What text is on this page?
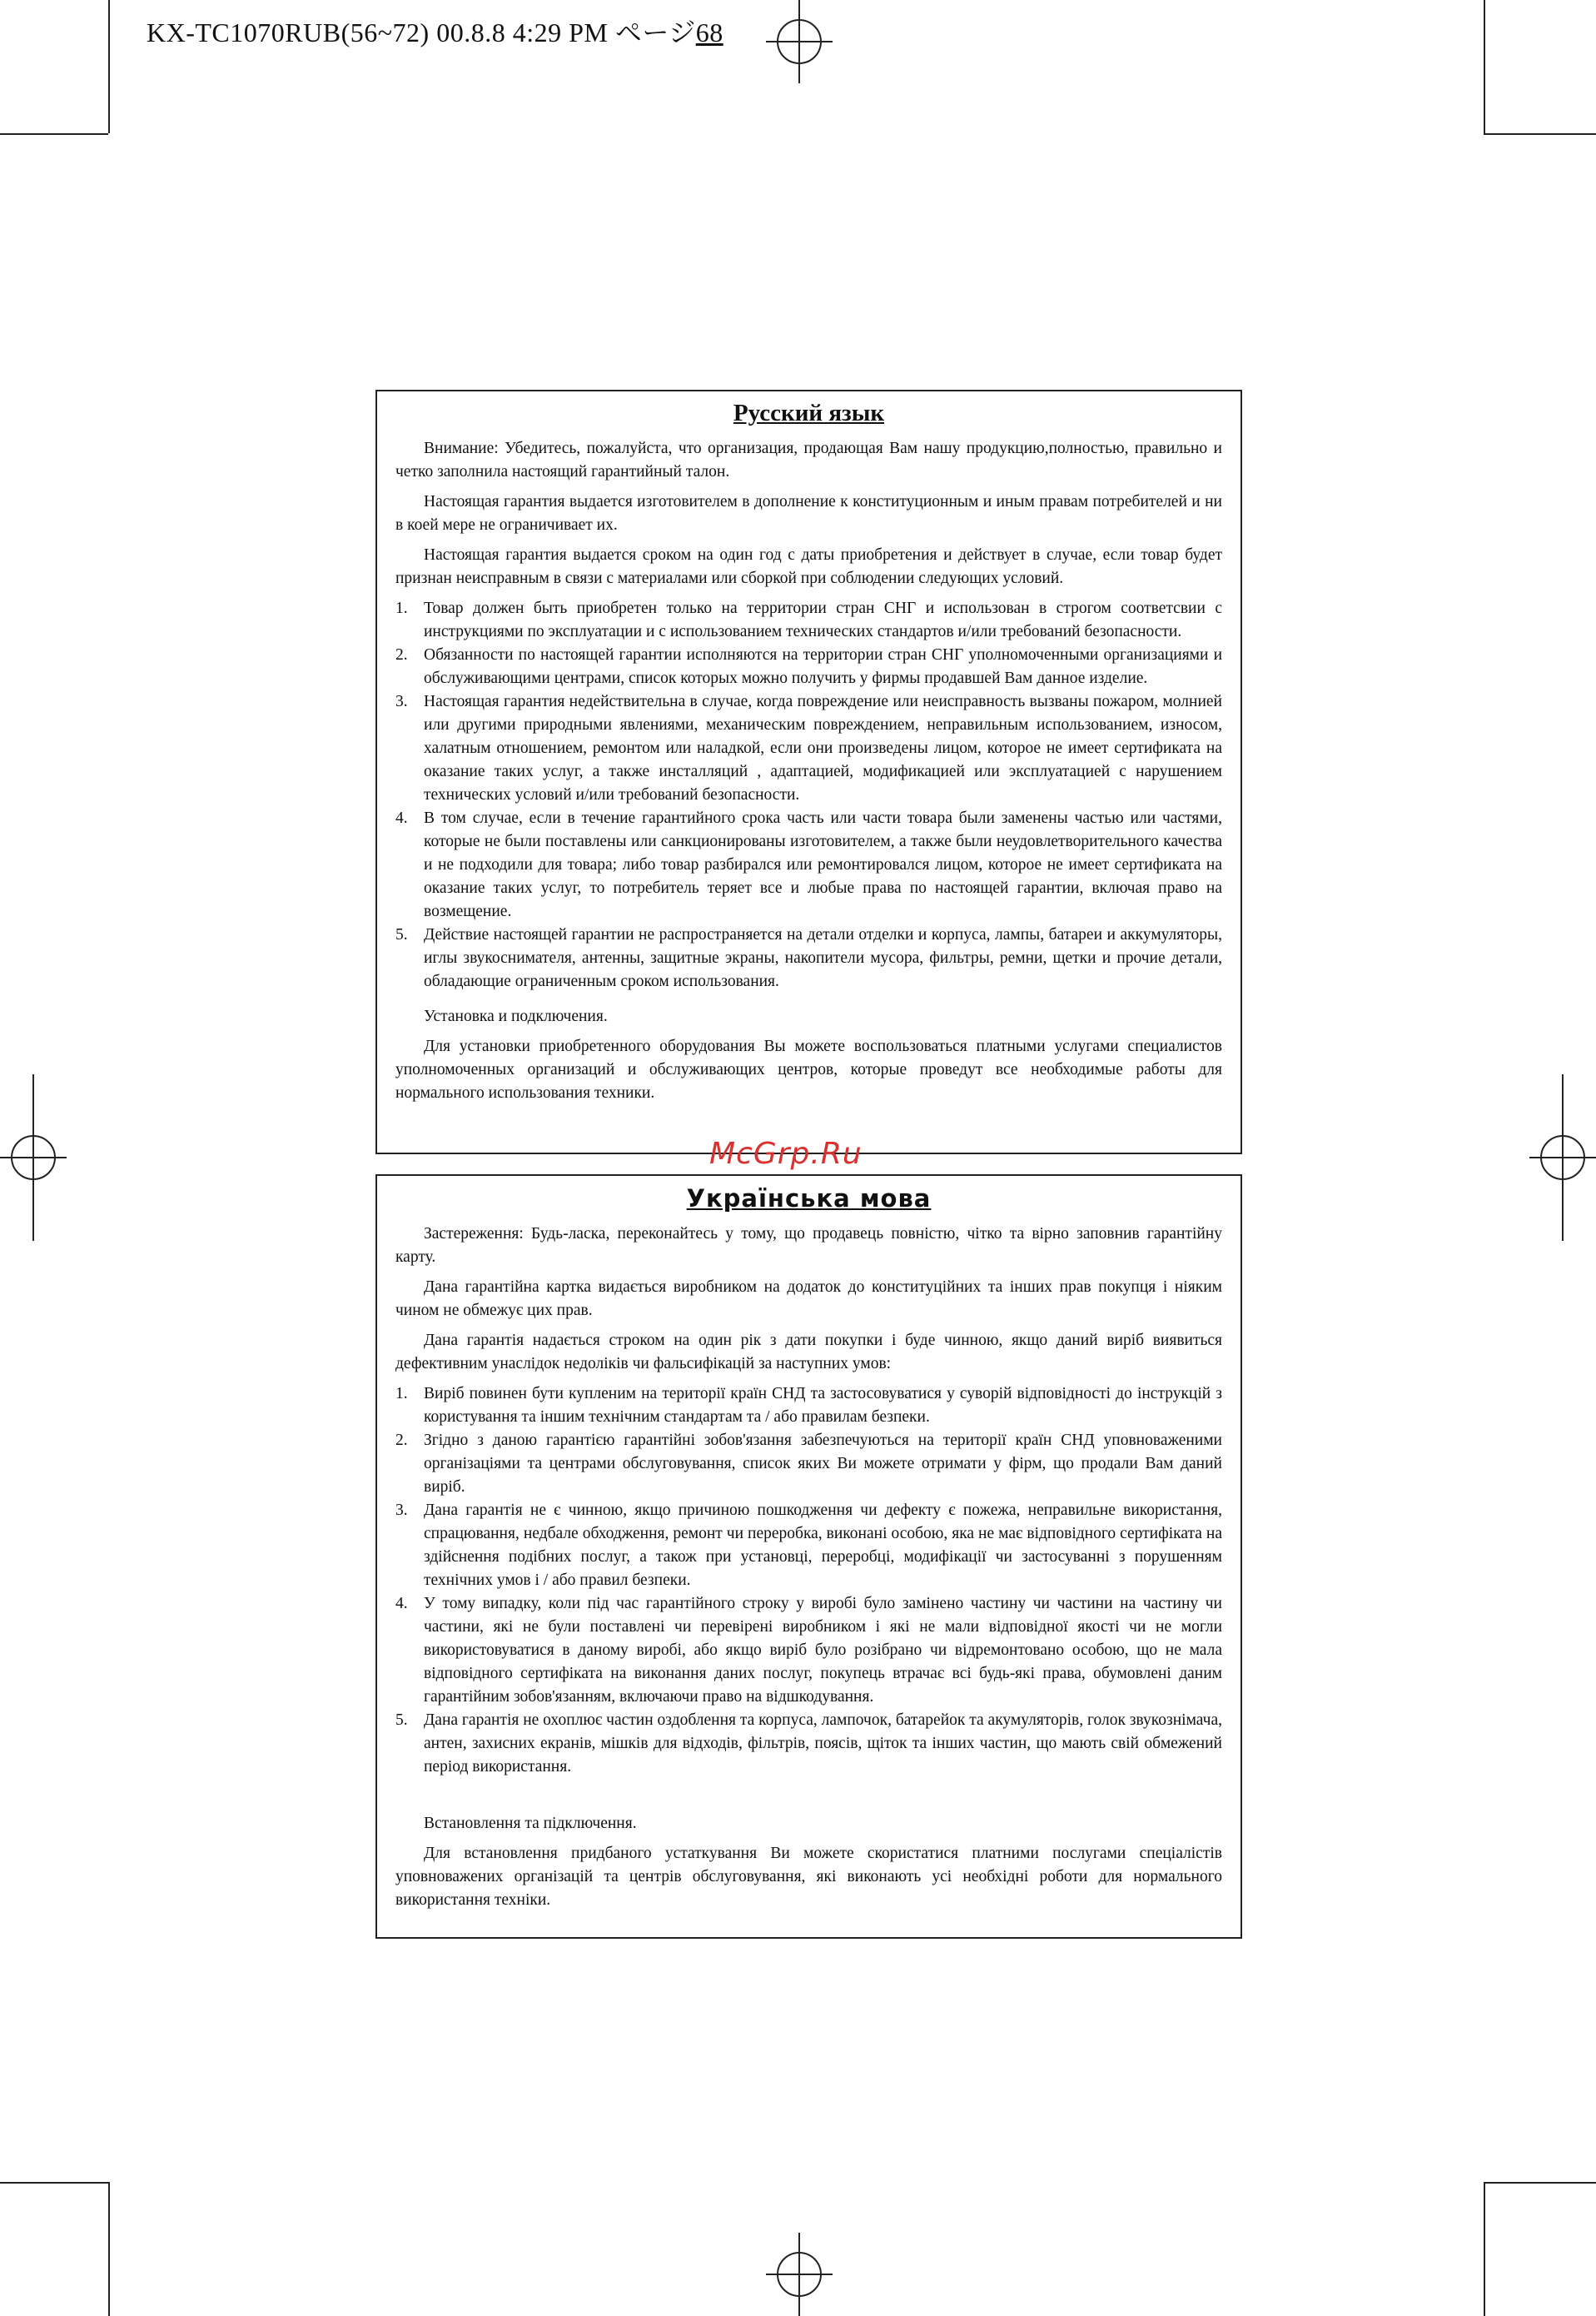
KX-TC1070RUB(56~72) 00.8.8 4:29 PM ページ68
Русский язык

Внимание: Убедитесь, пожалуйста, что организация, продающая Вам нашу продукцию,полностью, правильно и четко заполнила настоящий гарантийный талон.

Настоящая гарантия выдается изготовителем в дополнение к конституционным и иным правам потребителей и ни в коей мере не ограничивает их.

Настоящая гарантия выдается сроком на один год с даты приобретения и действует в случае, если товар будет признан неисправным в связи с материалами или сборкой при соблюдении следующих условий.

1. Товар должен быть приобретен только на территории стран СНГ и использован в строгом соответсвии с инструкциями по эксплуатации и с использованием технических стандартов и/или требований безопасности.
2. Обязанности по настоящей гарантии исполняются на территории стран СНГ уполномоченными организациями и обслуживающими центрами, список которых можно получить у фирмы продавшей Вам данное изделие.
3. Настоящая гарантия недействительна в случае, когда повреждение или неисправность вызваны пожаром, молнией или другими природными явлениями, механическим повреждением, неправильным использованием, износом, халатным отношением, ремонтом или наладкой, если они произведены лицом, которое не имеет сертификата на оказание таких услуг, а также инсталляций , адаптацией, модификацией или эксплуатацией с нарушением технических условий и/или требований безопасности.
4. В том случае, если в течение гарантийного срока часть или части товара были заменены частью или частями, которые не были поставлены или санкционированы изготовителем, а также были неудовлетворительного качества и не подходили для товара; либо товар разбирался или ремонтировался лицом, которое не имеет сертификата на оказание таких услуг, то потребитель теряет все и любые права по настоящей гарантии, включая право на возмещение.
5. Действие настоящей гарантии не распространяется на детали отделки и корпуса, лампы, батареи и аккумуляторы, иглы звукоснимателя, антенны, защитные экраны, накопители мусора, фильтры, ремни, щетки и прочие детали, обладающие ограниченным сроком использования.

Установка и подключения.

Для установки приобретенного оборудования Вы можете воспользоваться платными услугами специалистов уполномоченных организаций и обслуживающих центров, которые проведут все необходимые работы для нормального использования техники.

McGrp.Ru
Українська мова

Застереження: Будь-ласка, переконайтесь у тому, що продавець повністю, чітко та вірно заповнив гарантійну карту.

Дана гарантійна картка видається виробником на додаток до конституційних та інших прав покупця і ніяким чином не обмежує цих прав.

Дана гарантія надається строком на один рік з дати покупки і буде чинною, якщо даний виріб виявиться дефективним унаслідок недоліків чи фальсифікацій за наступних умов:

1. Виріб повинен бути купленим на території країн СНД та застосовуватися у суворій відповідності до інструкцій з користування та іншим технічним стандартам та / або правилам безпеки.
2. Згідно з даною гарантією гарантійні зобов'язання забезпечуються на території країн СНД уповноваженими організаціями та центрами обслуговування, список яких Ви можете отримати у фірм, що продали Вам даний виріб.
3. Дана гарантія не є чинною, якщо причиною пошкодження чи дефекту є пожежа, неправильне використання, спрацювання, недбале обходження, ремонт чи переробка, виконані особою, яка не має відповідного сертифіката на здійснення подібних послуг, а також при установці, переробці, модифікації чи застосуванні з порушенням технічних умов і / або правил безпеки.
4. У тому випадку, коли під час гарантійного строку у виробі було замінено частину чи частини на частину чи частини, які не були поставлені чи перевірені виробником і які не мали відповідної якості чи не могли використовуватися в даному виробі, або якщо виріб було розібрано чи відремонтовано особою, що не мала відповідного сертифіката на виконання даних послуг, покупець втрачає всі будь-які права, обумовлені даним гарантійним зобов'язанням, включаючи право на відшкодування.
5. Дана гарантія не охоплює частин оздоблення та корпуса, лампочок, батарейок та акумуляторів, голок звукознімача, антен, захисних екранів, мішків для відходів, фільтрів, поясів, щіток та інших частин, що мають свій обмежений період використання.

Встановлення та підключення.

Для встановлення придбаного устаткування Ви можете скористатися платними послугами спеціалістів уповноважених організацій та центрів обслуговування, які виконають усі необхідні роботи для нормального використання техніки.
